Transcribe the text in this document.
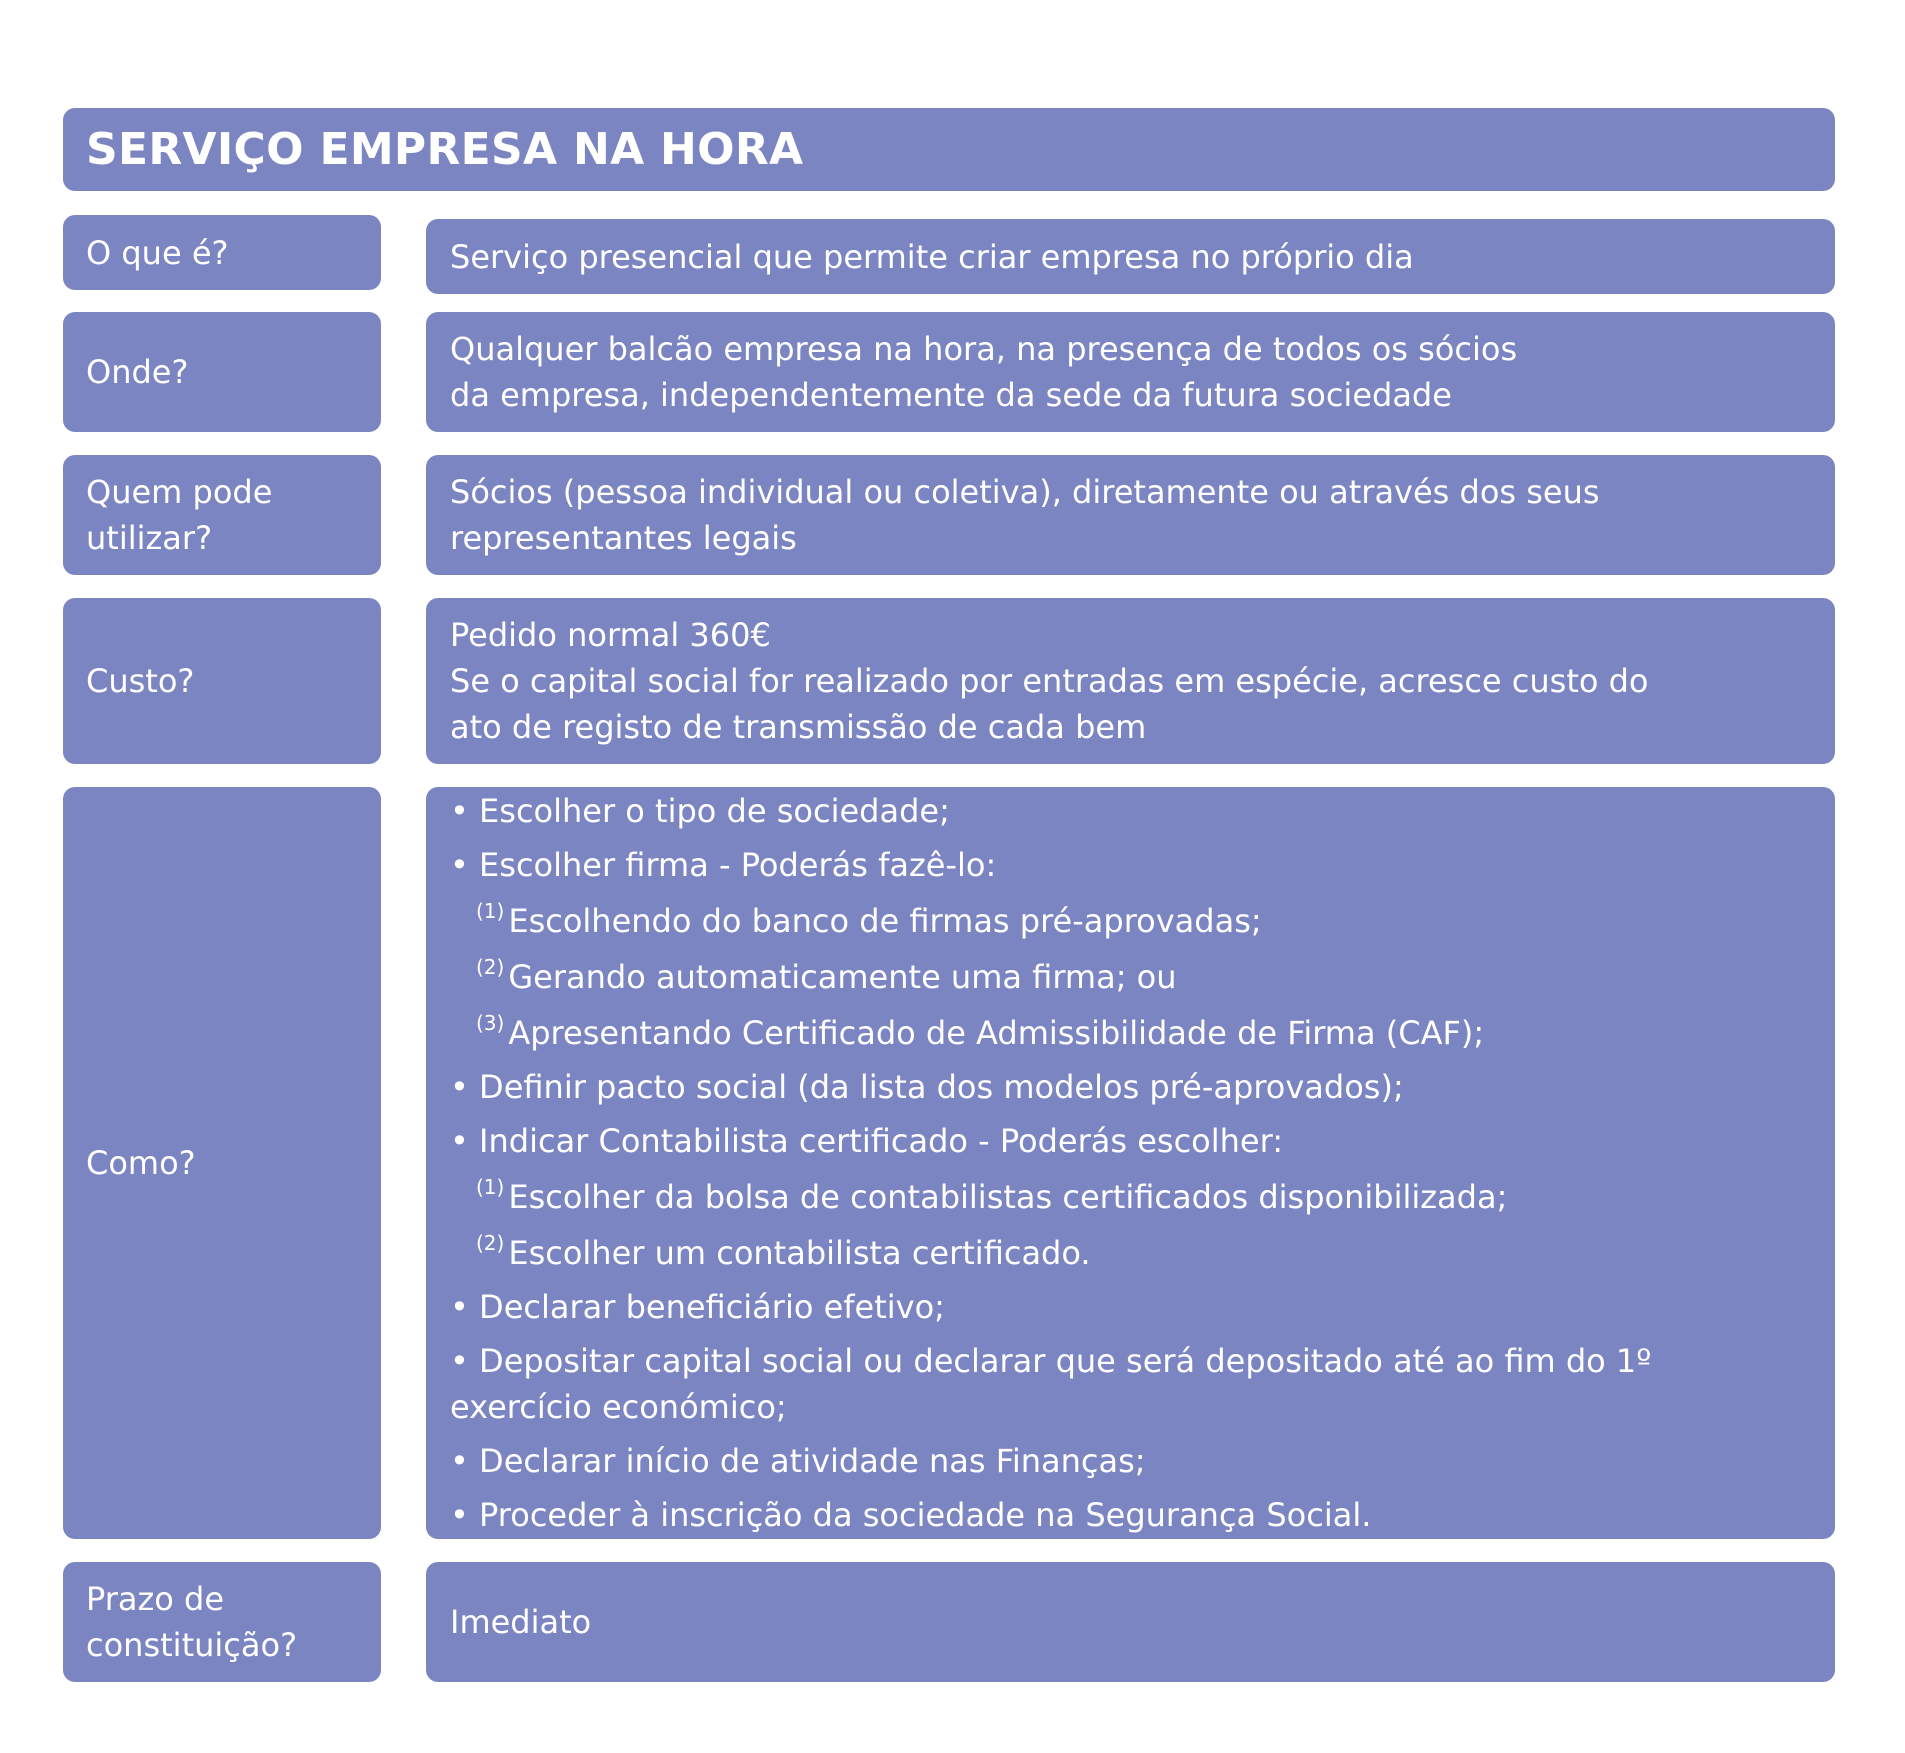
SERVIÇO EMPRESA NA HORA
O que é?	Serviço presencial que permite criar empresa no próprio dia
Onde?
Qualquer balcão empresa na hora, na presença de todos os sócios
da empresa, independentemente da sede da futura sociedade
Quem pode
utilizar?
Sócios (pessoa individual ou coletiva), diretamente ou através dos seus
representantes legais
Custo?
Pedido normal 360€
Se o capital social for realizado por entradas em espécie, acresce custo do
ato de registo de transmissão de cada bem
Como?
• Escolher o tipo de sociedade;
• Escolher firma - Poderás fazê-lo:
$^{(1)}$ Escolhendo do banco de firmas pré-aprovadas;
$^{(2)}$ Gerando automaticamente uma firma; ou
$^{(3)}$ Apresentando Certificado de Admissibilidade de Firma (CAF);
• Definir pacto social (da lista dos modelos pré-aprovados);
• Indicar Contabilista certificado - Poderás escolher:
$^{(1)}$ Escolher da bolsa de contabilistas certificados disponibilizada;
$^{(2)}$ Escolher um contabilista certificado.
• Declarar beneficiário efetivo;
• Depositar capital social ou declarar que será depositado até ao fim do 1º
exercício económico;
• Declarar início de atividade nas Finanças;
• Proceder à inscrição da sociedade na Segurança Social.
Prazo de
constituição?
Imediato
